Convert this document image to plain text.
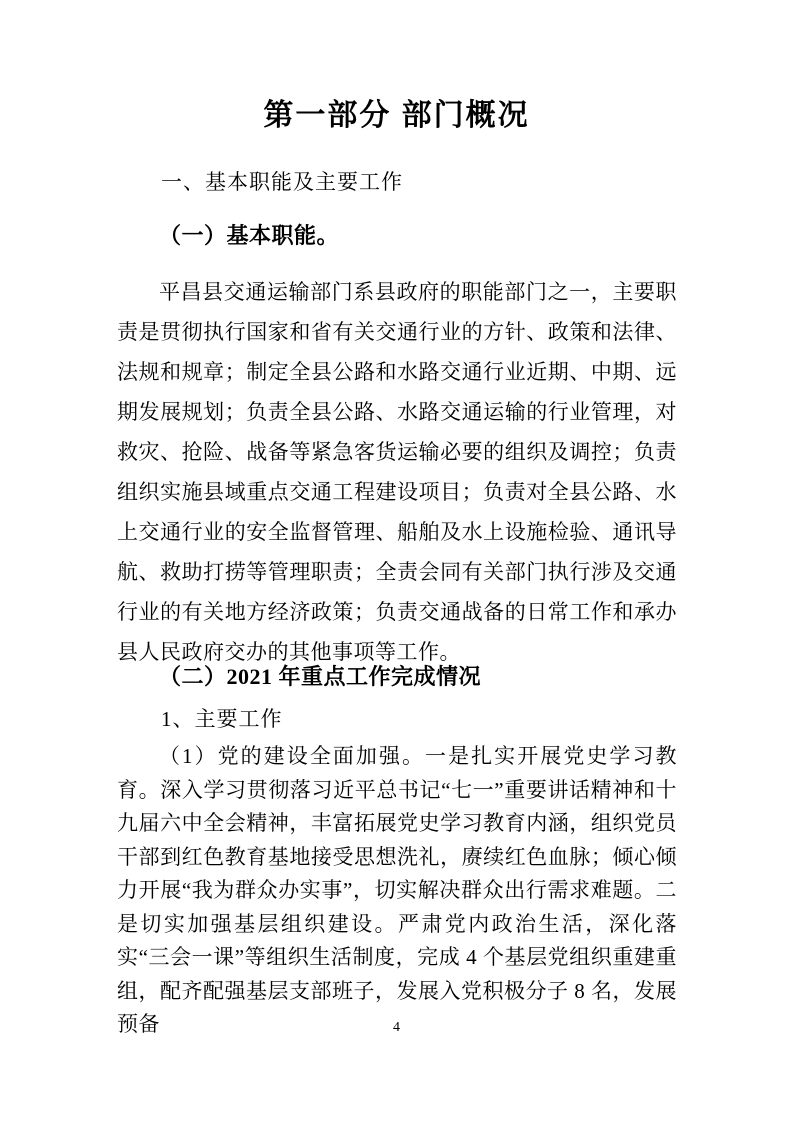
第一部分 部门概况
一、基本职能及主要工作
（一）基本职能。

平昌县交通运输部门系县政府的职能部门之一，主要职责是贯彻执行国家和省有关交通行业的方针、政策和法律、法规和规章；制定全县公路和水路交通行业近期、中期、远期发展规划；负责全县公路、水路交通运输的行业管理，对救灾、抢险、战备等紧急客货运输必要的组织及调控；负责组织实施县域重点交通工程建设项目；负责对全县公路、水上交通行业的安全监督管理、船舶及水上设施检验、通讯导航、救助打捞等管理职责；全责会同有关部门执行涉及交通行业的有关地方经济政策；负责交通战备的日常工作和承办县人民政府交办的其他事项等工作。

（二）2021 年重点工作完成情况
1、主要工作

（1）党的建设全面加强。一是扎实开展党史学习教育。深入学习贯彻落习近平总书记“七一”重要讲话精神和十九届六中全会精神，丰富拓展党史学习教育内涵，组织党员干部到红色教育基地接受思想洗礼，赓续红色血脉；倾心倾力开展“我为群众办实事”，切实解决群众出行需求难题。二是切实加强基层组织建设。严肃党内政治生活，深化落实“三会一课”等组织生活制度，完成 4 个基层党组织重建重组，配齐配强基层支部班子，发展入党积极分子 8 名，发展预备	4
